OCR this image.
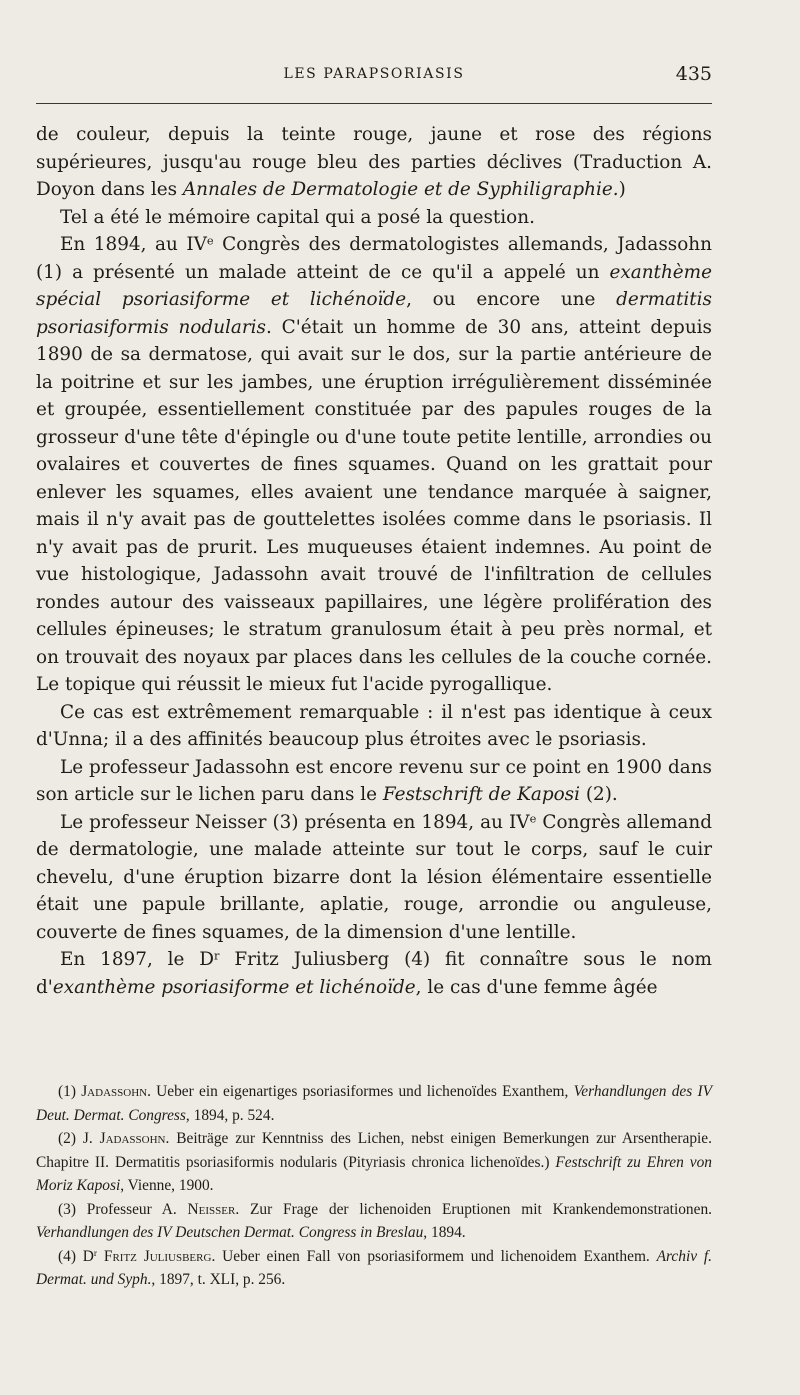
LES PARAPSORIASIS	435

de couleur, depuis la teinte rouge, jaune et rose des régions supérieures, jusqu'au rouge bleu des parties déclives (Traduction A. Doyon dans les Annales de Dermatologie et de Syphiligraphie.)

Tel a été le mémoire capital qui a posé la question.

En 1894, au IVe Congrès des dermatologistes allemands, Jadassohn (1) a présenté un malade atteint de ce qu'il a appelé un exanthème spécial psoriasiforme et lichénoïde, ou encore une dermatitis psoriasiformis nodularis. C'était un homme de 30 ans, atteint depuis 1890 de sa dermatose, qui avait sur le dos, sur la partie antérieure de la poitrine et sur les jambes, une éruption irrégulièrement disséminée et groupée, essentiellement constituée par des papules rouges de la grosseur d'une tête d'épingle ou d'une toute petite lentille, arrondies ou ovalaires et couvertes de fines squames. Quand on les grattait pour enlever les squames, elles avaient une tendance marquée à saigner, mais il n'y avait pas de gouttelettes isolées comme dans le psoriasis. Il n'y avait pas de prurit. Les muqueuses étaient indemnes. Au point de vue histologique, Jadassohn avait trouvé de l'infiltration de cellules rondes autour des vaisseaux papillaires, une légère prolifération des cellules épineuses; le stratum granulosum était à peu près normal, et on trouvait des noyaux par places dans les cellules de la couche cornée. Le topique qui réussit le mieux fut l'acide pyrogallique.

Ce cas est extrêmement remarquable : il n'est pas identique à ceux d'Unna; il a des affinités beaucoup plus étroites avec le psoriasis.

Le professeur Jadassohn est encore revenu sur ce point en 1900 dans son article sur le lichen paru dans le Festschrift de Kaposi (2).

Le professeur Neisser (3) présenta en 1894, au IVe Congrès allemand de dermatologie, une malade atteinte sur tout le corps, sauf le cuir chevelu, d'une éruption bizarre dont la lésion élémentaire essentielle était une papule brillante, aplatie, rouge, arrondie ou anguleuse, couverte de fines squames, de la dimension d'une lentille.

En 1897, le $D^r$ Fritz Juliusberg (4) fit connaître sous le nom d'exanthème psoriasiforme et lichénoïde, le cas d'une femme âgée

(1) Jadassohn. Ueber ein eigenartiges psoriasiformes und lichenoïdes Exanthem, Verhandlungen des IV Deut. Dermat. Congress, 1894, p. 524.

(2) J. Jadassohn. Beiträge zur Kenntniss des Lichen, nebst einigen Bemerkungen zur Arsentherapie. Chapitre II. Dermatitis psoriasiformis nodularis (Pityriasis chronica lichenoïdes.) Festschrift zu Ehren von Moriz Kaposi, Vienne, 1900.

(3) Professeur A. Neisser. Zur Frage der lichenoiden Eruptionen mit Krankendemonstrationen. Verhandlungen des IV Deutschen Dermat. Congress in Breslau, 1894.

(4) $D^r$ Fritz Juliusberg. Ueber einen Fall von psoriasiformem und lichenoidem Exanthem. Archiv f. Dermat. und Syph., 1897, t. XLI, p. 256.
